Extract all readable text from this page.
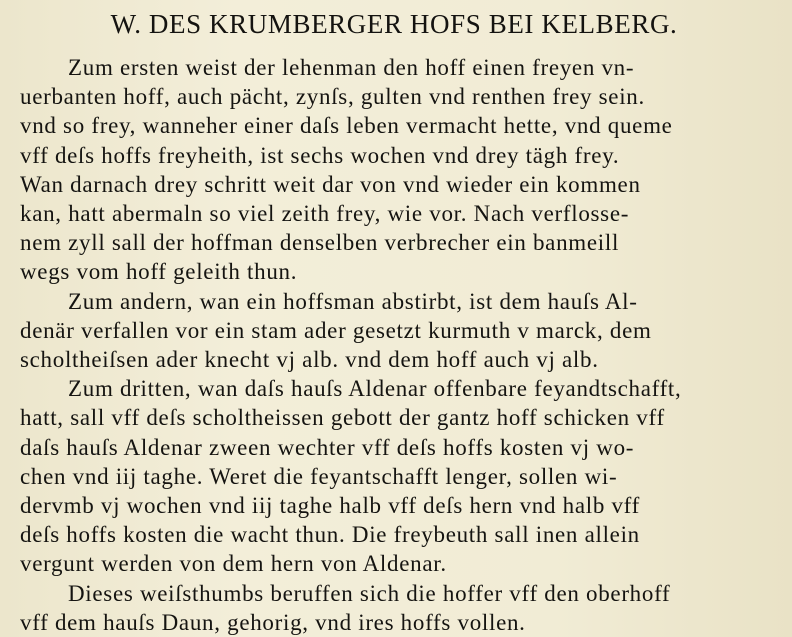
W. DES KRUMBERGER HOFS BEI KELBERG.

Zum ersten weist der lehenman den hoff einen freyen vn-
uerbanten hoff, auch pächt, zynſs, gulten vnd renthen frey sein.
vnd so frey, wanneher einer daſs leben vermacht hette, vnd queme
vff deſs hoffs freyheith, ist sechs wochen vnd drey tägh frey.
Wan darnach drey schritt weit dar von vnd wieder ein kommen
kan, hatt abermaln so viel zeith frey, wie vor. Nach verflosse-
nem zyll sall der hoffman denselben verbrecher ein banmeill
wegs vom hoff geleith thun.

Zum andern, wan ein hoffsman abstirbt, ist dem hauſs Al-
denär verfallen vor ein stam ader gesetzt kurmuth v marck, dem
scholtheiſsen ader knecht vj alb. vnd dem hoff auch vj alb.

Zum dritten, wan daſs hauſs Aldenar offenbare feyandtschafft,
hatt, sall vff deſs scholtheissen gebott der gantz hoff schicken vff
daſs hauſs Aldenar zween wechter vff deſs hoffs kosten vj wo-
chen vnd iij taghe. Weret die feyantschafft lenger, sollen wi-
dervmb vj wochen vnd iij taghe halb vff deſs hern vnd halb vff
deſs hoffs kosten die wacht thun. Die freybeuth sall inen allein
vergunt werden von dem hern von Aldenar.

Dieses weiſsthumbs beruffen sich die hoffer vff den oberhoff
vff dem hauſs Daun, gehorig, vnd ires hoffs vollen.
